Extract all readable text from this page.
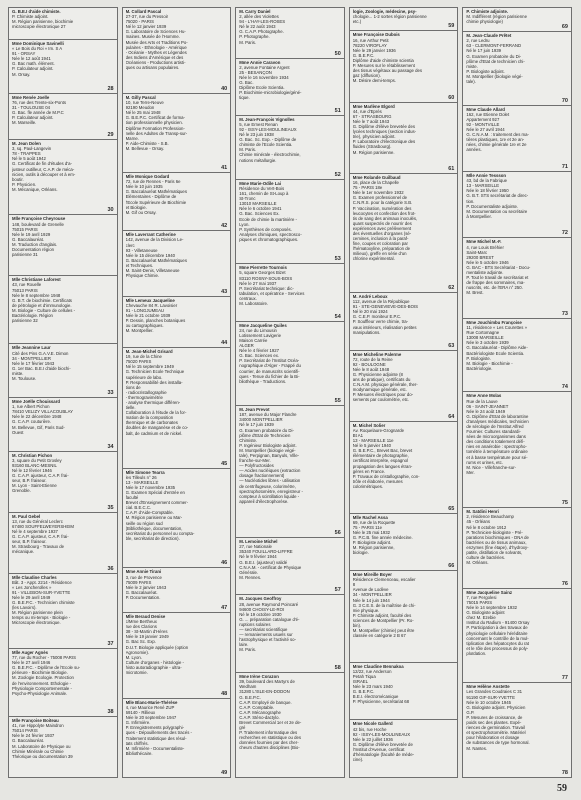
G. B.E.I d'aide chimiste.
P. Chimiste adjoint.
M. Région parisienne, biochimie
microscopie électronique 27
Mme Dominique Savinelli
« Le Bois du Roi » Im. S A
91 - ORSAY
Née le 12 août 1941
G. Bac math. élément.
P. Calculateur adjoint.
M. Orsay.
28
Mme Renée Joelle
76, rue des Trente-six-Ponts
31 - TOULOUSE 04
G. Bac. fle année de M.P.C
P. Calculateur adjoint.
M. Marseille.
29
M. Jean Dolen
3, sq. Paul-Langevin
78 - TRAPPES
Né le 5 août 1942
G. Certificat de fin d'études d'a-
justeur outilleur, C.A.P. de méca-
nicien, outils à découper et à em-
boutir.
P. Physicien.
M. Mécanique, Orléans.
30
Mlle Françoise Cheyrouse
148, boulevard de Grenelle
75015 PARIS
Née le 19 avril 1929
G. Baccalauréat.
M. Traduction d'anglais.
Documentation région
parisienne 31
Mlle Christiane Laforest
43, rue Rouelle
75013 PARIS
Née le 8 septembre 1948
G. B.T. de biochimie. Certificats
de pétrologie et d'immunologie.
M. Biologie - Culture de cellules -
Bactériologie. Région
parisienne 32
Mlle Jeannine Laur
Cité des Pins G.A.V.E. Dimon
34 - MONTPELLIER
Née le 17 février 1943
G. 1er Bac. B.E.I d'aide biochi-
miste.
M. Toulouse.
33
Mme Joëlle Chouissard
1, rue Albert Pichon
78410 VELIZY VILLACOUBLAY
Née le 22 décembre 1948
G. C.A.P. couturière.
M. Bellevue, Gif, Paris Sud-
Ouest
34
M. Christian Pichon
3, square du Petit Grosley
93160 BLANC-MESNIL
Né le 12 février 1946
G. C.A.P. ajusteur, C.A.P. frai-
seur, B.P. fraiseur.
M. Lyon - Saint-Etienne
Grenoble.
35
M. Paul Gebel
13, rue du Général Leclerc
67480 SOUFFELWEYERSHEIM
Né le 4 septembre 1937
G. C.A.P. ajusteur, C.A.P. frai-
seur, B.P. fraiseur.
M. Strasbourg - Travaux de
mécanique.
36
Mlle Claudine Charles
Bât. 3 - Appt. 2214 - Résidence
« Les Joncherolles »
91 - VILLEBON-SUR-YVETTE
Née le 29 avril 1949
G. B.E.P.C. - Technicien chimiste
(les Lavoirs).
M. Région parisienne plein
temps ou mi-temps - Biologie -
Microscopie électronique.
37
Mlle Auger Agnès
77, rue du Rocher - 75008 PARIS
Née le 27 avril 1946
G. B.E.P.C. - Diplôme de l'Ecole su-
périeure - Biochimie Biologie.
M. Zoologie Ecologie. Protection
de l'environnement. Ethologie -
Physiologie Comportementale -
Psycho-Physiologie Animale.
38
Mlle Françoise Boiteau
41, rue Hippolyte Maindron
75014 PARIS
Née le 24 février 1937
G. Baccalauréat.
M. Laboratoire de Physique ou
Chimie Minérale ou Chimie
Théorique ou documentation 39
M. Collard Pascal
27-37, rue du Pressoir
75020 - PARIS
Né le 12 janvier 1939
G. Laboratoire de Sciences Hu-
maines. Musée de l'Homme.
Musée des Arts et Traditions Po-
pulaires - Ethnologie - Amérique
- Océanie - Mythes et Légendes
des Indiens d'Amérique et des
Océaniens - Productions artisti-
ques ou artisans populaires.
40
M. Gilly Pascal
10, rue Terre-Neuve
92190 Meudon
Né le 25 mai 1948
G. B.E.P.C. Certificat de forma-
tion professionnelle physicien.
Diplôme Formation Profession-
nelle des Adultes de Transp-sur-
Marne.
P. Aide-Chimiste - S.B.
M. Bellevue - Orsay.
41
Mlle Monique Godard
72, rue de Rennes - Paris 6e
Née le 10 juin 1935
G. Baccalauréat Mathématiques
Elémentaires - Diplôme de
l'Ecole Supérieure de Biochimie
et Biologie.
M. Gif ou Orsay.
42
Mlle Laverrant Catherine
142, avenue de la Division Le-
clerc
93 - Villetaneuse
Née le 15 décembre 1940
G. Baccalauréat Mathématiques
et Techniques.
M. Saint-Denis, Villetaneuse
Physique Chimie.
43
Mlle Lemeux Jacqueline
Chevauche 84 R. Lavoisier
91 - LONGJUMEAU
Née le 21 octobre 1939
P. Dessin, planches botaniques
ou cartographiques.
M. Montpellier.
44
M. Jean-Michel Grisard
19, rue de la Chine
75020 PARIS
Né le 15 septembre 1949
G. Technicien Ecole Technique
supérieure de labo.
P. Responsabilité des installa-
tions de
- radiocristallographie
- thermogravimétrie
- analyse thermique différen-
tielle.
Collaboration à l'étude de la for-
mation de la composition
thermique et de carbonates
doubles de manganèse et de co-
balt, de cadmium et de nickel.
45
Mlle Simone Tearra
les Tilleuls n° 26
13 - MARSEILLE
Née le 17 novembre 1935
G. Examen Spécial d'entrée en
faculté
Brevet d'Enseignement commer-
cial. B.E.C.C.
C.A.P. d'Aide-Comptable.
M. Région parisienne ou Mar-
seille ou région sud
(Bibliothèque, documentation,
secrétariat du personnel ou compta-
ble, secrétariat de direction).
46
Mme Annie Tirani
3, rue de Provence
75009 PARIS
Née le 2 janvier 1943
G. Baccalauréat.
P. Documentation.
47
Mlle Beraud Denise
c/Mme Bertheux
rue des Clarions
38 - St-Martin d'Hères
Née le 19 janvier 1949
G. Bac Sc. Exp.
D.U.T. Biologie appliquée (option
Agronomie).
M. Lyon.
Culture d'organes - histologie -
histo autoradiographie - ultra-
microtomie.
48
Mlle Blanc-Marie-Thérèse
4, rue Maurice René ZUP
69140 - Rillieux
Née le 20 septembre 1947
G. Infirmière.
P. Enregistrements polygraphi-
ques - Dépouillements des tracés -
Traitement statistique des résul-
tats chiffrés.
M. Infirmière - Documentaliste-
Bibliothécaire.
49
M. Carry Daniel
2, allée des Violettes
94 - L'HAY-LES-ROSES
Né le 22 août 1943
G. C.A.P. Photographe.
P. Photographe.
M. Paris.
50
Mme Annie Caravon
2, avenue Fontaine Argent
25 - BESANÇON
Née le 16 novembre 1934
G. Bac.
Diplôme Ecole Scientia.
P. Biochimie-microbiologie/géné-
tique.
51
M. Jean-François Vignolles
5, rue Ernest Renan
92 - ISSY-LES-MOULINEAUX
Né le 23 juin 1938
G. Bac. Sc. Exp. - Diplôme de
chimiste de l'Ecole Scientia.
M. Paris.
Chimie minérale - électrochimie,
notions métallurgie.
52
Mme Marie-Odile Lai
Résidence du Vert-Bois
161, chemin de St-Loup à
St-Tronc
13010 MARSEILLE
Née le 6 octobre 1941
G. Bac. Sciences Ex.
Ecole de chimie la martinière -
Lyon.
P. Synthèses de composés.
Analyses chimiques, spectrosco-
piques et chromatographiques.
53
Mme Pierrette Tournois
5, square Georges Bizet
83110 ROSNY-SOUS-BOIS
Née le 27 mai 1937
P. Secrétariat technique: dic-
tabulation, et opératrice - Services
centraux.
M. Laboratoire.
54
Mme Jacqueline Quiles
24, rue du Limousin
Lotissement Lavigerie
Maison Carrée
ALGER
Née le 4 février 1927
G. Bac. Sciences ex.
P. Secrétariat de l'Institut Océa-
nographique d'Alger - Frappé du
courrier, de manuscrits scientifi-
ques - Tenue du fichier de la Bi-
bliothèque - Traductions.
55
M. Jean Prevot
187, avenue du Major Flandre
34000 MONTPELLIER
Né le 17 juin 1939
G. Examen probatoire du Di-
plôme d'Etat de Technicien
Chimiste.
P. Ingénieur Biologiste adjoint.
M. Montpellier (biologie végé-
tale), Perpignan, Banyuls, Ville-
franche-sur-Mer.
— Polyfructosides
— Acides nucléiques (extraction
dosage fractionnement)
— Nucléotides libres - utilisation
de centrifugeuse, colorimètre,
spectrophotomètre, enregistreur -
compteur à scintillation liquide -
appareil d'électrophorèse.
56
M. Lemoine Michel
27, rue Nationale
35340 FOUILLARD-LIFFRE
Né le 9 février 1944
G. B.E.I. (ajusteur) validé
C.N.A.M. - certificat de Physique
Générale.
M. Rennes.
57
M. Jacques Geoffroy
28, avenue Raymond Poincaré
94600 CHOISY-LE-ROI
Né le 19 octobre 1930
G. ... préparation catalogue d'é-
ruptions solaires
— secrétariat scientifique
— remaniements usuels sur
l'astrophysique et l'activité so-
laire.
M. Paris.
58
Mme Irène Corazon
39, boulevard des Martyrs de
Wedham
31280 L'ISLE-EN-DODON
G. B.E.P.C.
C.A.P. Employé de banque.
C.A.P. Comptable.
C.A.P. Mécanographe
C.A.P. Sténo-dactylo.
Brevet Commercial 1er et 2e de-
gré
P. Traitement informatique des
recherches en statistique ou des
données fournies par des cher-
cheurs d'autres disciplines (Bio-
logie, Zoologie, médecine, psy-
chologie... 1-2 sortes région parisienne
etc.)
59
Mme Françoise Dubois
16, rue Arthur Petit
78220 VIROFLAY
Née le 29 janvier 1936
G. B.E.P.C.
Diplôme d'aide chimiste scientia
P. Mesures sur le rétablissement
des tissus végétaux au passage des
gaz (diffusion).
M. Désire demi-temps.
60
Mme Marlène Elgord
44, rue d'Eprès
67 - STRASBOURG
Née le 7 août 1943
G. Diplôme d'élève brevetée des
lycées techniques (section indus-
trie), physicien adjoint.
P. Laboratoire d'électronique des
fluides (Strasbourg).
M. Région parisienne.
61
Mme Rolande Guilbaud
16, place de la Chapelle
75 - PARIS 18e
Née le 1er novembre 1932
G. Examen professionnel de
C.N.R.S. pour la catégorie S.B.
P. Vaccination, numération des
leucocytes et confection des frot-
tis de sang des animaux inoculés,
quant suspectés de nourrir des
expériences avec prélèvement
des éventuelles d'organes (sé-
cemines, inclusion à la paraf-
fine, coupes et coloration par
l'hématoxyline, préparation de
milieux), greffe en série d'un
chlorine expérimental.
62
M. André Leboux
112, avenue de la République
91 - STE-GENEVIEVE-DES-BOIS
Né le 20 mai 1924
G. C.E.P. moniteur E.P.C.
P. Souffleur verre chimie, tra-
vaux intérieurs, réalisation petites
manipulations.
63
Mme Micheline Palerme
72, route de la Reine
92 - BOULOGNE
Née le 8 août 1948
G. Physicienne adjointe (8
ans de pratique), certificats du
C.N.A.M. physique générale, ther-
modynamique générale, etc.
P. Mesures électriques pour do-
sements par coulométrie, etc.
64
M. Michel Solier
Av. Roquelaure-Grognarde
Bt A1
13 - MARSEILLE 11e
Né le 5 janvier 1940
G. B.E.P.C., Brevet Bac, brevet
élémentaire de photographie,
certificat interprète, espagnol
propagation des langues étran-
gères en France.
P. Travaux de cristallographie, con-
trôle et élaborée, mesures
colorimétriques.
65
Mlle Rachel Assa
69, rue de la Roquette
75 - PARIS 11e
Née le 25 mai 1932
G. P.C.B. fine année médecine.
P. Biologiste adjoint.
M. Région parisienne,
biologie.
66
Mme Mireille Boyer
Résidence Clemenceau, escalier
8
Avenue de Lodève
34 - MONTPELLIER
Née le 14 juin 1944
G. 3 C.E.S. de la maîtrise de chi-
mie physique.
P. Chimiste adjoint, faculté des
sciences de Montpellier (Pr. Ro-
bin).
M. Montpellier (chimie) peut être
classée en catégorie 2 B 67
Mme Claudine Bennakoa
12/22, rue Anderson
Petah Tiqua
ISRAEL
Née le 23 mars 1940
G. B.E.P.C.
B.E.I. électromécanique
P. Physicienne, secrétariat 68
Mme Nicole Gallerd
42 bis, rue Hoche
92 - ISSY-LES-MOULINEAUX
Née le 22 juillet 1936
G. Diplôme d'élève brevetée de
l'Institut d'Avenue, certificat
d'hématologie (faculté de méde-
cine).
P. Chimiste adjointe.
M. Indifférent (région parisienne
chimie physiologie)
69
M. Jean-Claude Prêtet
2, rue Ledru
63 - CLERMONT-FERRAND
Né le 17 juin 1939
G. Examen probatoire du Di-
plôme d'Etat de technicien chi-
miste.
P. Biologiste adjoint.
M. Montpellier (biologie végé-
tale).
70
Mme Claude Allard
162, rue Etienne Dolet
Appartement 927
92 - MONTVILLE
Née le 27 avril 1944
G. C.N.A.M. : traitement des ma-
tières plastiques, 1re et 2e an-
nées, chimie générale 1re et 2e
années.
71
Mlle Annie Tessson
43, bd de la Fabrique
13 - MARSEILLE
Née le 18 février 1950
G. B.T. STS secrétariat de direc-
tion.
P. Documentaliste adjointe.
M. Documentation ou secrétaire
à Montpellier.
72
Mme Michel M.-F.
4, rue Louis Bréhier
Saint-Marc
29200 BREST
Née le 5 octobre 1946
G. BAC - BTS Secrétariat - Docu-
mentaliste adjointe.
P. Tout le travail de secrétariat et
de frappe des sommaires, ma-
nuscrits, etc. de l'ERA n° 250.
M. Brest.
73
Mme Jouchimbu Françoise
11, résidence « Les Courettes »
Rue Cortomagne
13008 MARSEILLE
Née le 3 octobre 1939
G. Baccalauréat - Diplôme Aide-
Bactériologiste Ecole Scientia.
P. Biologiste.
M. Biologie - Biochimie -
Bactériologie.
74
Mme Anne Molas
Rue de la Lauve
06 - SAINT-JEANNET
Née le 24 août 1949
G. Diplôme d'Etat de laborantine
d'analyses médicales, technicien
de sérologie de l'Institut Alfred
Fournier. Cultures standardi-
sées de microorganismes dans
des conditions totalement défi-
nies en anaérobie : spectropho-
tométrie à température ordinaire
et à basse température pour sé-
rums et urines, etc.
M. Nice - Villefranche-sur-
Mer.
75
M. Satdini Henri
2, résidence Beauchamp
45 - Orléans
Né le 8 octobre 1912
P. Technicien-biologiste - Pré-
parations biochimiques - DNA de
bactéries ou de tissus animaux,
enzymes (fine étape), d'hydroxy-
patite, distillation de solvants,
culture de bactéries.
M. Orléans.
76
Mme Jacqueline Sainz
7, rue Pergolesi
75015 PARIS
Née le 14 septembre 1932
G. Biologiste adjoint
chez M. Ezebie
Institut du Radium - 91400 Orsay
P. Participation à des travaux de
physiologie cellulaire héréditaire
concernant le contrôle de la mul-
tiplication des hépatocytes du rat
et le rôle des processus de poly-
ploïdation.
77
Mme Hélène Anstette
Les Grandes Coudraies C 31
91190 GIF-SUR-YVETTE
Née le 10 octobre 1945
G. Biologiste adjoint. Physicien
G.P.
P. Mesures de croissance, de
poids sec des plantes. Expé-
riences de germination. Travail
et spectrophotométrie. Matériel
pour l'élaboration et dosage
de substances de type hormonal.
M. Nantes.
78
59
